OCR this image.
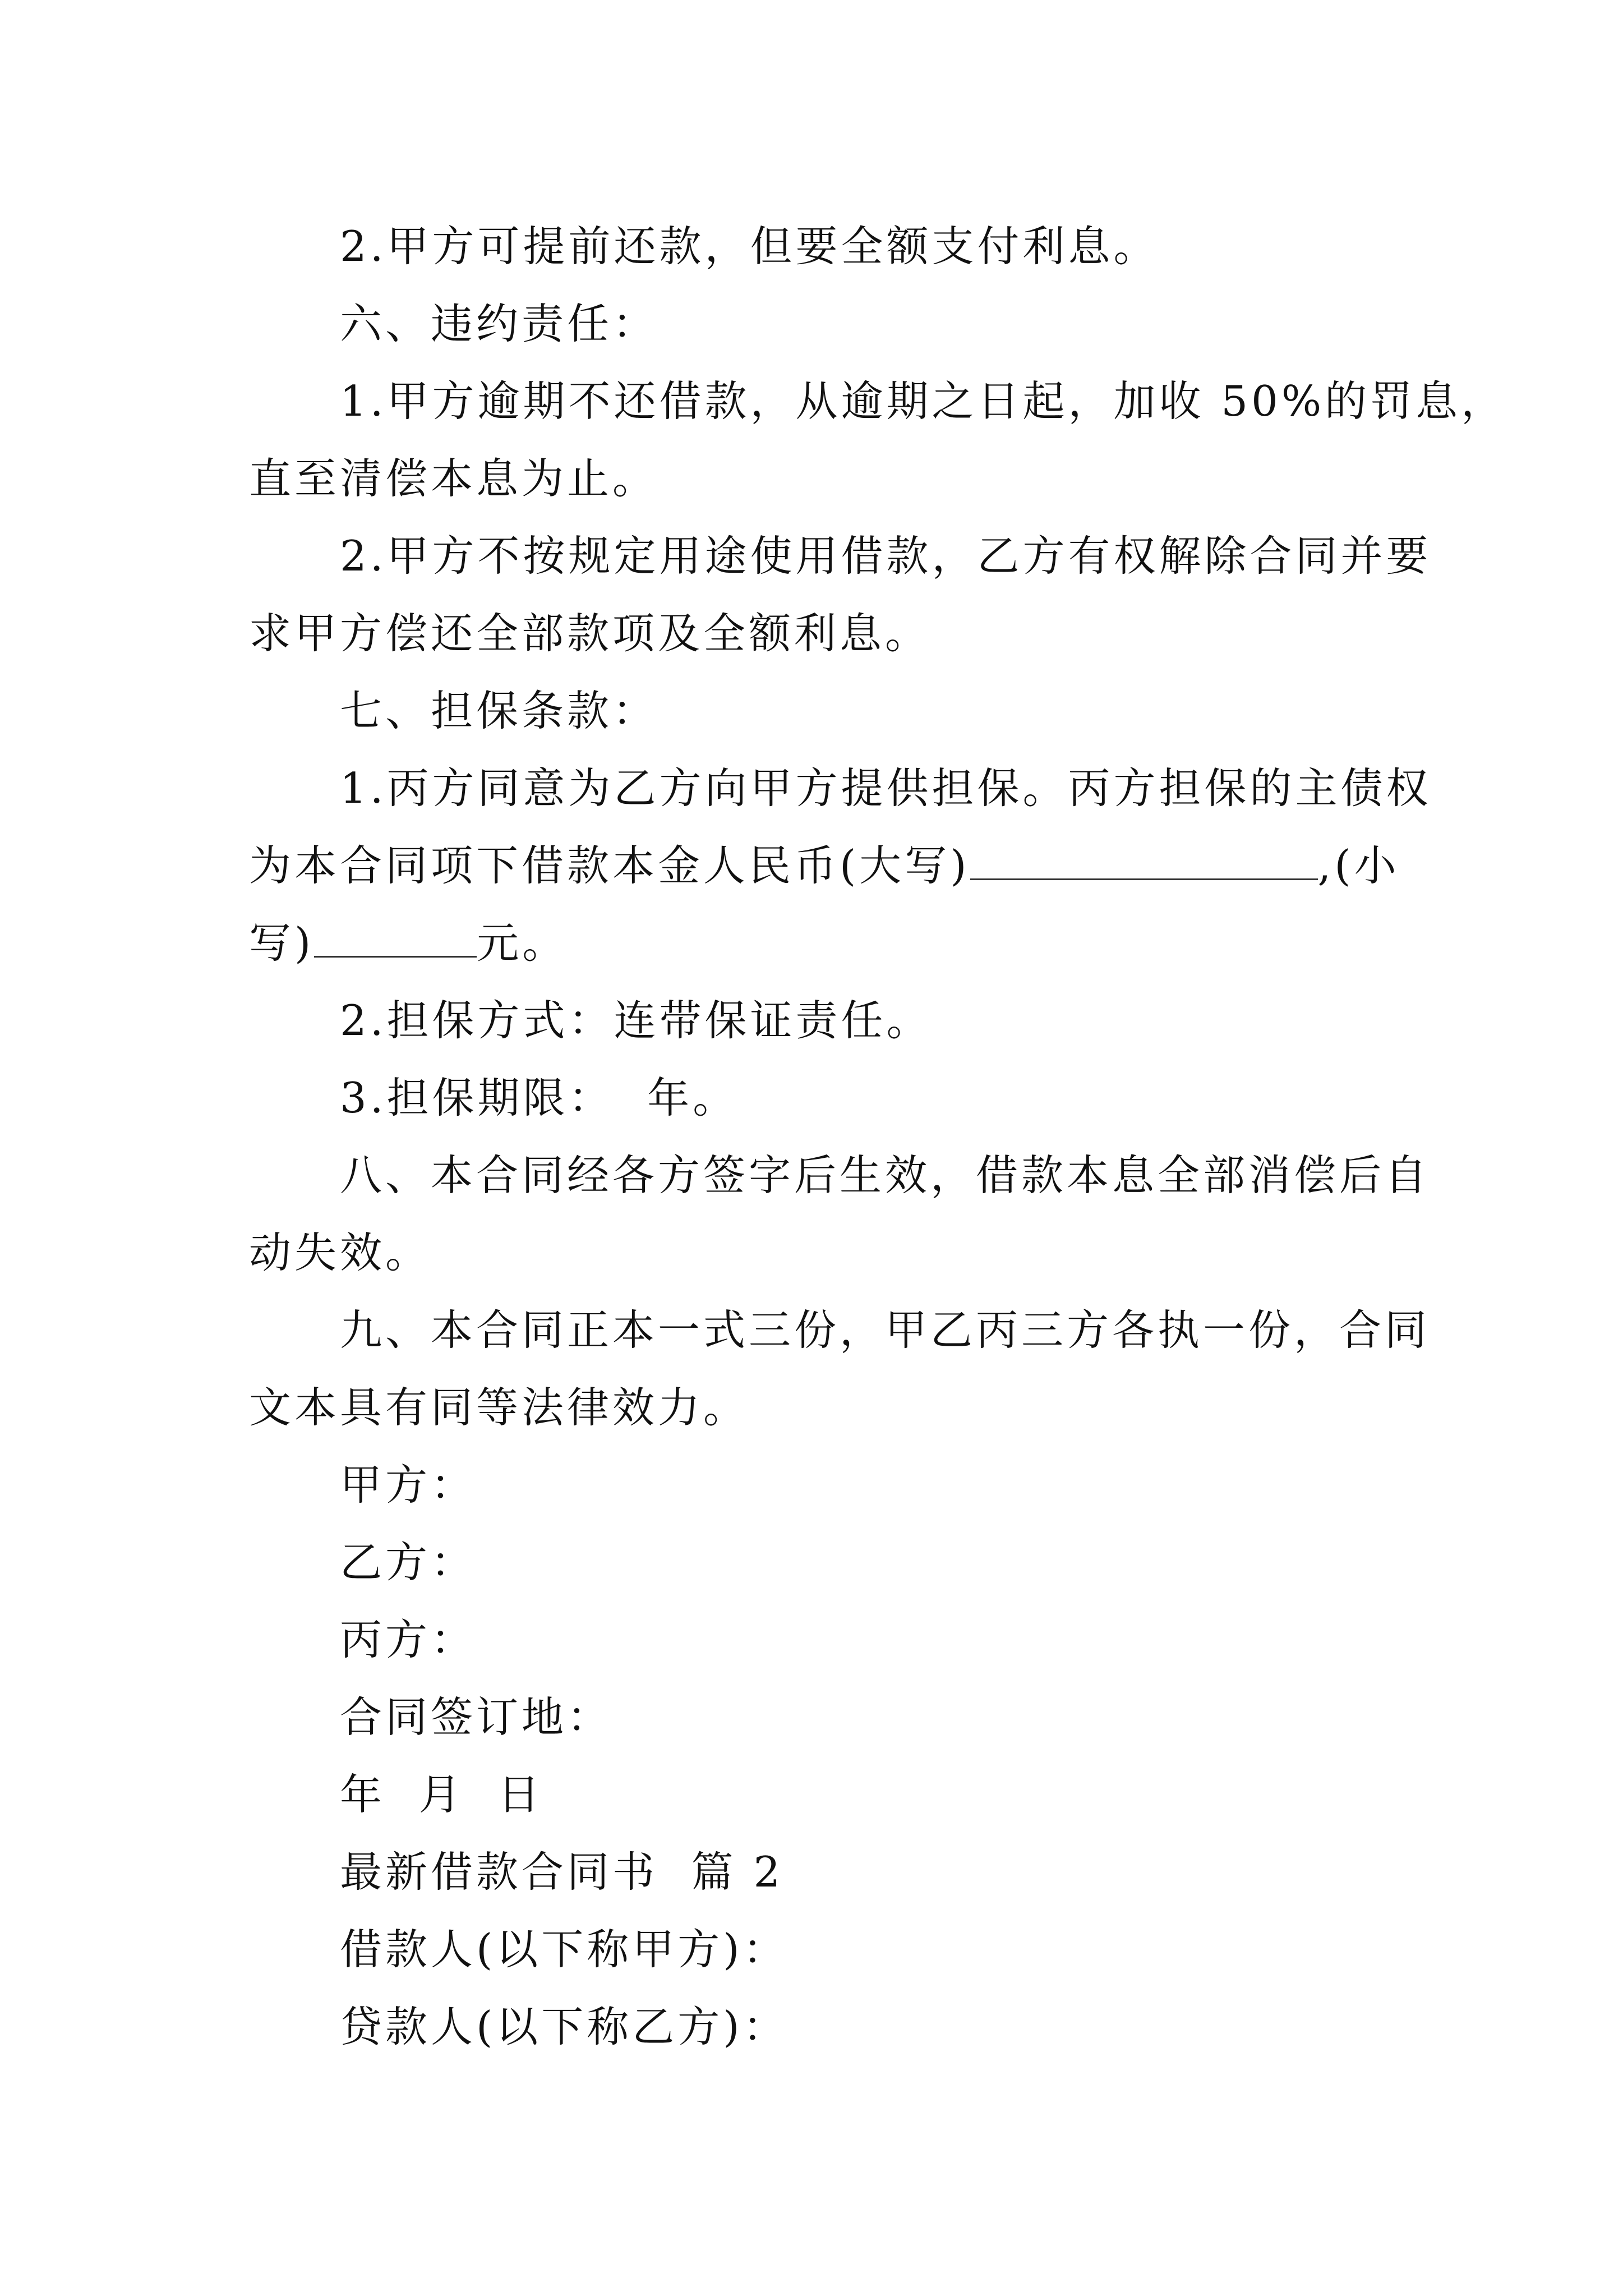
2.甲方可提前还款，但要全额支付利息。

六、违约责任：

1.甲方逾期不还借款，从逾期之日起，加收 50%的罚息，
直至清偿本息为止。
2.甲方不按规定用途使用借款，乙方有权解除合同并要
求甲方偿还全部款项及全额利息。

七、担保条款：

1.丙方同意为乙方向甲方提供担保。丙方担保的主债权
为本合同项下借款本金人民币(大写)	,(小
写)	元。

2.担保方式：连带保证责任。

3.担保期限：  年。

八、本合同经各方签字后生效，借款本息全部消偿后自
动失效。
九、本合同正本一式三份，甲乙丙三方各执一份，合同
文本具有同等法律效力。

甲方：

乙方：

丙方：

合同签订地：

年  月  日

最新借款合同书  篇 2

借款人(以下称甲方)：

贷款人(以下称乙方)：
